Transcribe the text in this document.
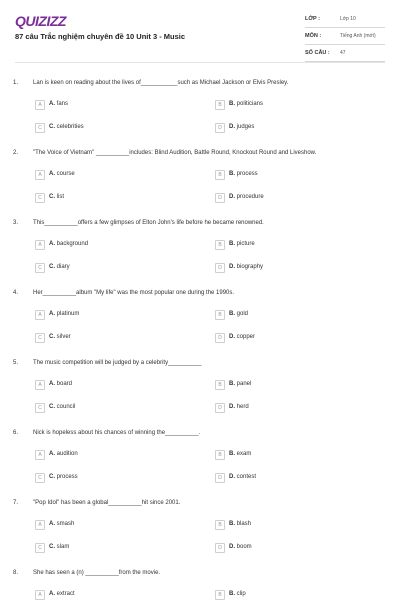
QUIZIZZ
87 câu Trắc nghiệm chuyên đề 10 Unit 3 - Music
LỚP :	Lớp 10
MÔN :	Tiếng Anh (mới)
SỐ CÂU : 47
1. Lan is keen on reading about the lives of___________such as Michael Jackson or Elvis Presley.
A	A. fans	B	B. politicians
C	C. celebrities	D	D. judges
2. "The Voice of Vietnam" __________includes: Blind Audition, Battle Round, Knockout Round and Liveshow.
A	A. course	B	B. process
C	C. list	D	D. procedure
3. This__________offers a few glimpses of Elton John's life before he became renowned.
A	A. background	B	B. picture
C	C. diary	D	D. biography
4. Her__________album "My life" was the most popular one during the 1990s.
A	A. platinum	B	B. gold
C	C. silver	D	D. copper
5. The music competition will be judged by a celebrity__________
A	A. board	B	B. panel
C	C. council	D	D. herd
6. Nick is hopeless about his chances of winning the__________.
A	A. audition	B	B. exam
C	C. process	D	D. contest
7. "Pop Idol" has been a global__________hit since 2001.
A	A. smash	B	B. blash
C	C. slam	D	D. boom
8. She has seen a (n) __________from the movie.
A	A. extract	B	B. clip
